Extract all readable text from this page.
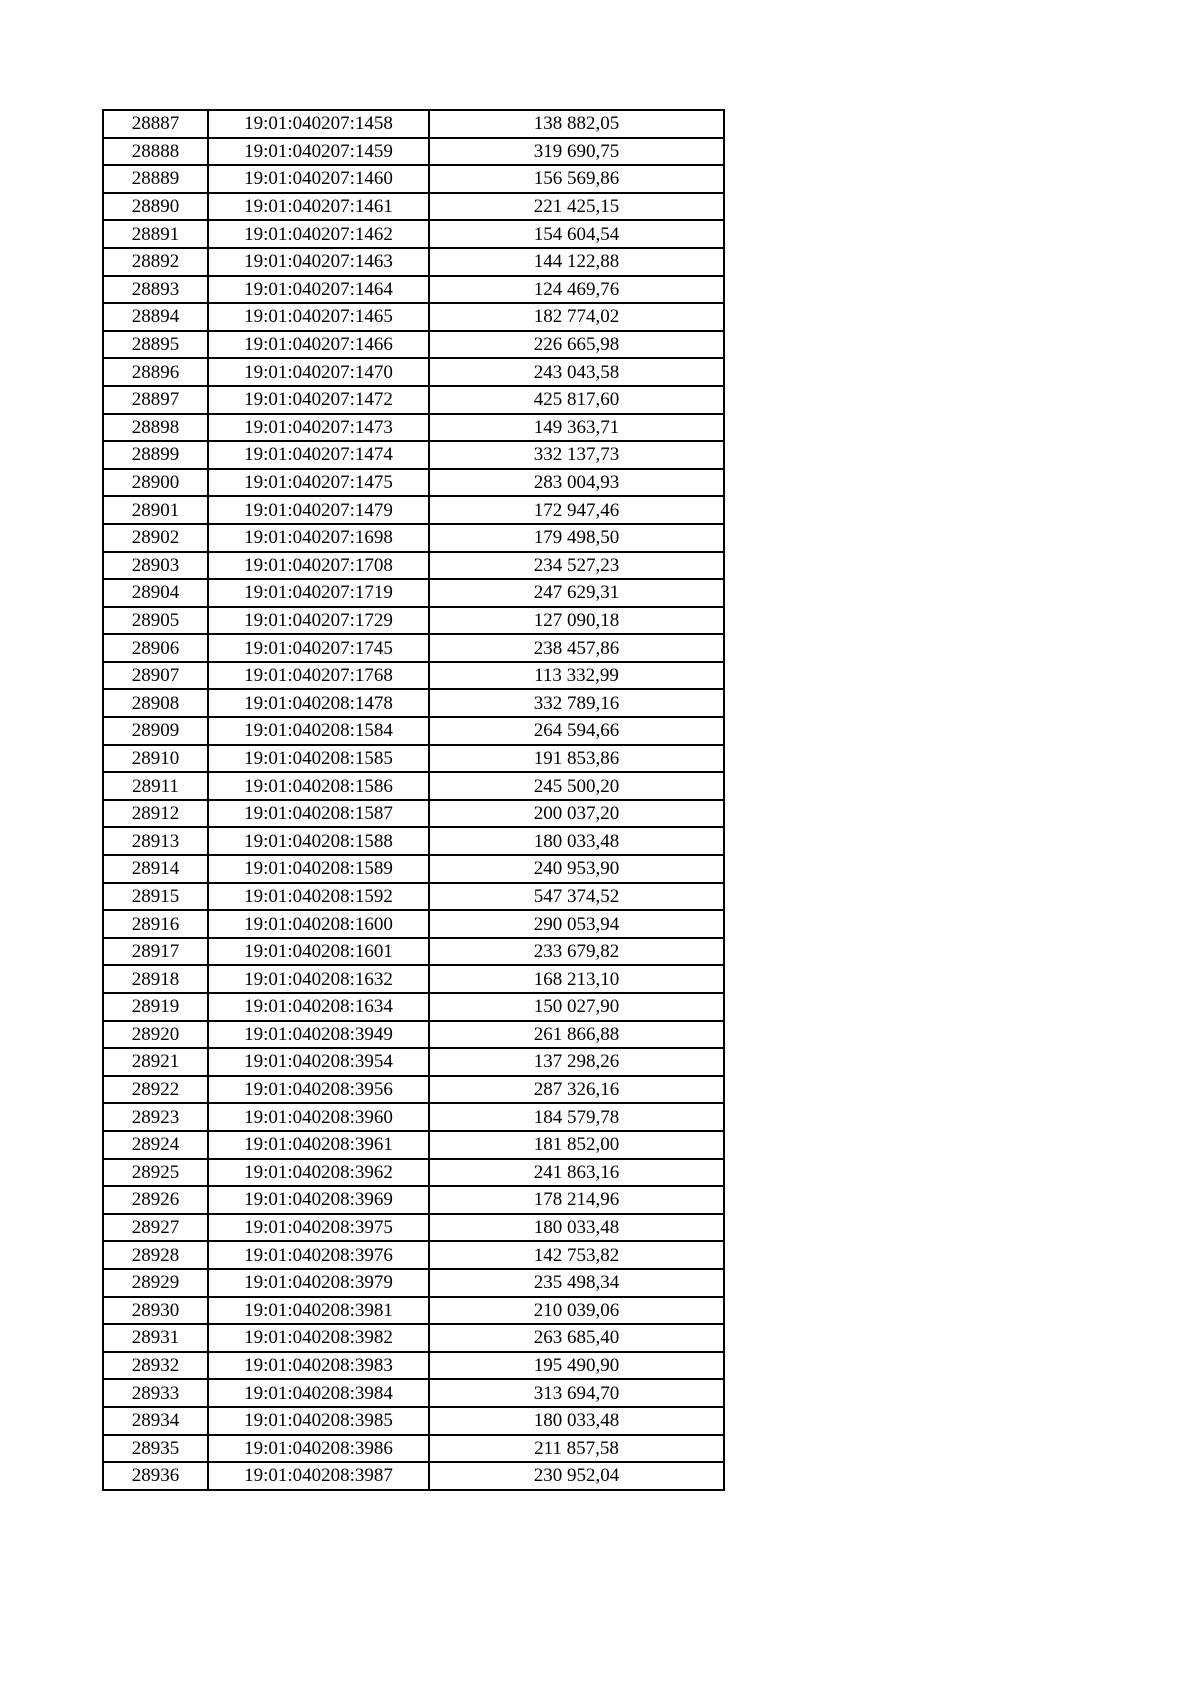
28887	19:01:040207:1458	138 882,05
28888	19:01:040207:1459	319 690,75
28889	19:01:040207:1460	156 569,86
28890	19:01:040207:1461	221 425,15
28891	19:01:040207:1462	154 604,54
28892	19:01:040207:1463	144 122,88
28893	19:01:040207:1464	124 469,76
28894	19:01:040207:1465	182 774,02
28895	19:01:040207:1466	226 665,98
28896	19:01:040207:1470	243 043,58
28897	19:01:040207:1472	425 817,60
28898	19:01:040207:1473	149 363,71
28899	19:01:040207:1474	332 137,73
28900	19:01:040207:1475	283 004,93
28901	19:01:040207:1479	172 947,46
28902	19:01:040207:1698	179 498,50
28903	19:01:040207:1708	234 527,23
28904	19:01:040207:1719	247 629,31
28905	19:01:040207:1729	127 090,18
28906	19:01:040207:1745	238 457,86
28907	19:01:040207:1768	113 332,99
28908	19:01:040208:1478	332 789,16
28909	19:01:040208:1584	264 594,66
28910	19:01:040208:1585	191 853,86
28911	19:01:040208:1586	245 500,20
28912	19:01:040208:1587	200 037,20
28913	19:01:040208:1588	180 033,48
28914	19:01:040208:1589	240 953,90
28915	19:01:040208:1592	547 374,52
28916	19:01:040208:1600	290 053,94
28917	19:01:040208:1601	233 679,82
28918	19:01:040208:1632	168 213,10
28919	19:01:040208:1634	150 027,90
28920	19:01:040208:3949	261 866,88
28921	19:01:040208:3954	137 298,26
28922	19:01:040208:3956	287 326,16
28923	19:01:040208:3960	184 579,78
28924	19:01:040208:3961	181 852,00
28925	19:01:040208:3962	241 863,16
28926	19:01:040208:3969	178 214,96
28927	19:01:040208:3975	180 033,48
28928	19:01:040208:3976	142 753,82
28929	19:01:040208:3979	235 498,34
28930	19:01:040208:3981	210 039,06
28931	19:01:040208:3982	263 685,40
28932	19:01:040208:3983	195 490,90
28933	19:01:040208:3984	313 694,70
28934	19:01:040208:3985	180 033,48
28935	19:01:040208:3986	211 857,58
28936	19:01:040208:3987	230 952,04
